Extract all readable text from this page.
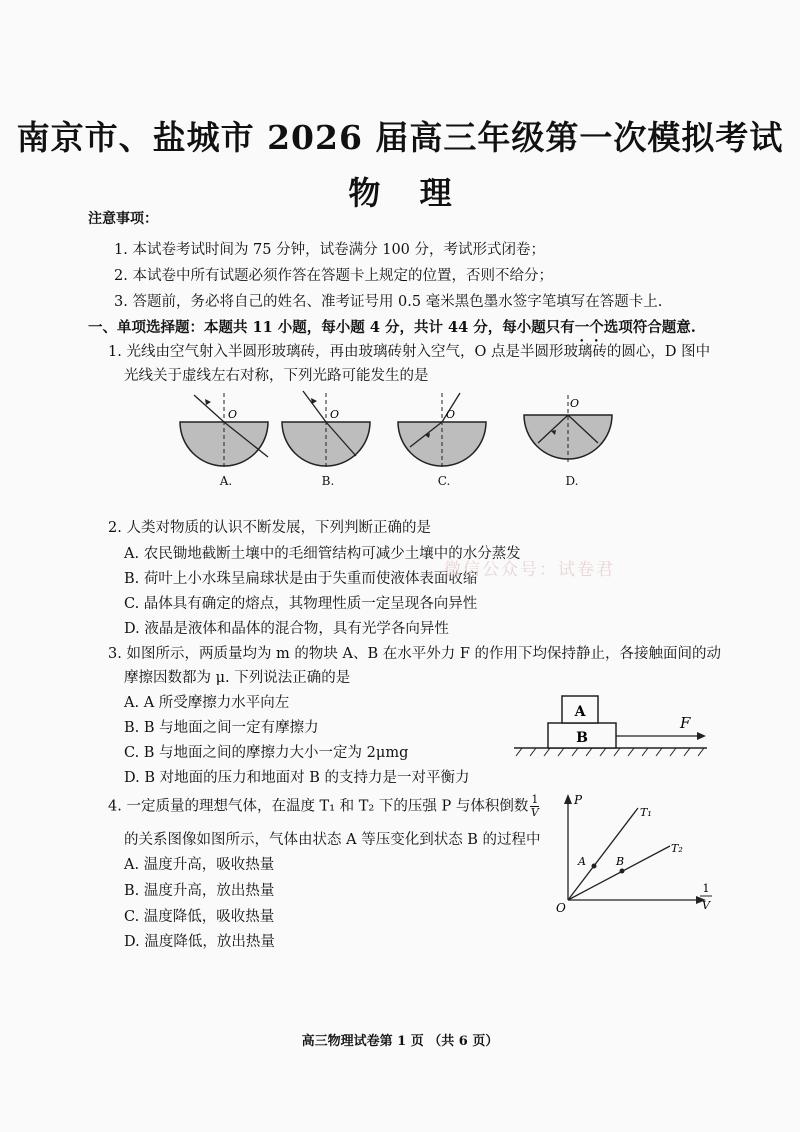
南京市、盐城市 2026 届高三年级第一次模拟考试
物 理
注意事项：
1. 本试卷考试时间为 75 分钟，试卷满分 100 分，考试形式闭卷；
2. 本试卷中所有试题必须作答在答题卡上规定的位置，否则不给分；
3. 答题前，务必将自己的姓名、准考证号用 0.5 毫米黑色墨水签字笔填写在答题卡上.
一、单项选择题：本题共 11 小题，每小题 4 分，共计 44 分，每小题只有一个选项符合题意.
1. 光线由空气射入半圆形玻璃砖，再由玻璃砖射入空气，O 点是半圆形玻璃砖的圆心，D 图中
光线关于虚线左右对称，下列光路可能发生的是
O
A.
O
B.
O
C.
O
D.
2. 人类对物质的认识不断发展，下列判断正确的是
A. 农民锄地截断土壤中的毛细管结构可减少土壤中的水分蒸发
B. 荷叶上小水珠呈扁球状是由于失重而使液体表面收缩
C. 晶体具有确定的熔点，其物理性质一定呈现各向异性
D. 液晶是液体和晶体的混合物，具有光学各向异性
微信公众号：试卷君
3. 如图所示，两质量均为 m 的物块 A、B 在水平外力 F 的作用下均保持静止，各接触面间的动
摩擦因数都为 μ. 下列说法正确的是
A. A 所受摩擦力水平向左
B. B 与地面之间一定有摩擦力
C. B 与地面之间的摩擦力大小一定为 2μmg
D. B 对地面的压力和地面对 B 的支持力是一对平衡力
A
B
F
4. 一定质量的理想气体，在温度 T₁ 和 T₂ 下的压强 P 与体积倒数 $\frac{1}{V}$
的关系图像如图所示，气体由状态 A 等压变化到状态 B 的过程中
A. 温度升高，吸收热量
B. 温度升高，放出热量
C. 温度降低，吸收热量
D. 温度降低，放出热量
P
1
V
O
T₁
T₂
A	B
高三物理试卷第 1 页 （共 6 页）
